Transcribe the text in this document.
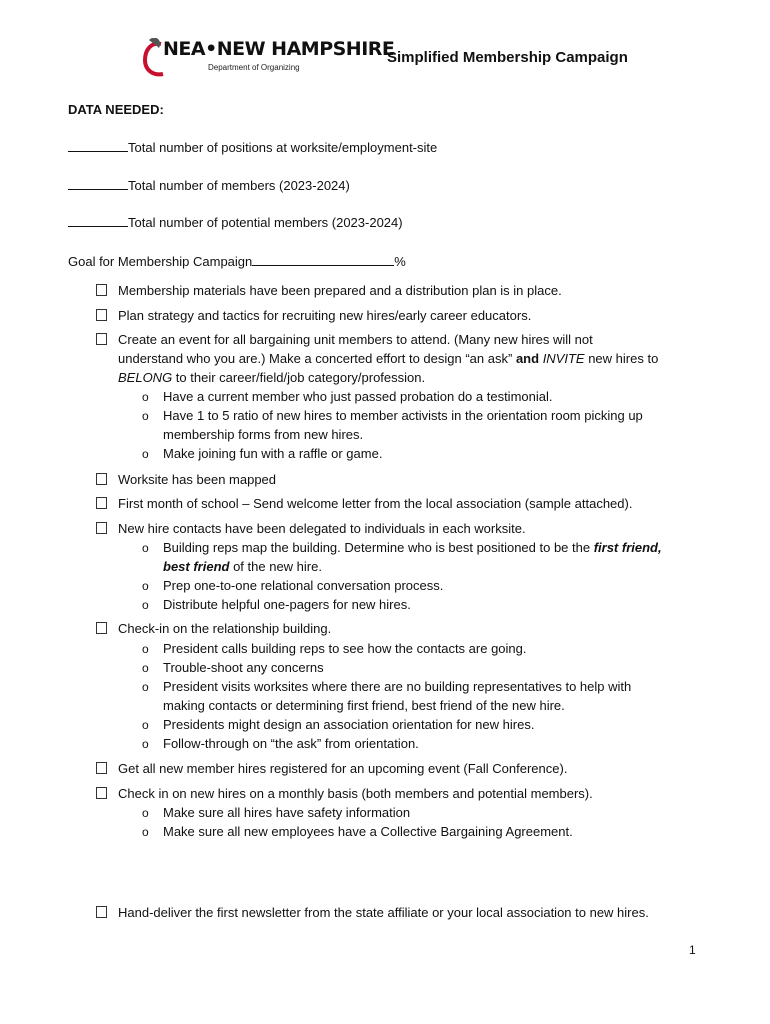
NEA•NEW HAMPSHIRE
Department of Organizing
Simplified Membership Campaign
DATA NEEDED:
Total number of positions at worksite/employment-site
Total number of members (2023-2024)
Total number of potential members (2023-2024)
Goal for Membership Campaign	%
Membership materials have been prepared and a distribution plan is in place.
Plan strategy and tactics for recruiting new hires/early career educators.
Create an event for all bargaining unit members to attend. (Many new hires will not
understand who you are.) Make a concerted effort to design “an ask” and INVITE new hires to
BELONG to their career/field/job category/profession.
o Have a current member who just passed probation do a testimonial.
o Have 1 to 5 ratio of new hires to member activists in the orientation room picking up
membership forms from new hires.
o Make joining fun with a raffle or game.
Worksite has been mapped
First month of school – Send welcome letter from the local association (sample attached).
New hire contacts have been delegated to individuals in each worksite.
o Building reps map the building. Determine who is best positioned to be the first friend,
best friend of the new hire.
o Prep one-to-one relational conversation process.
o Distribute helpful one-pagers for new hires.
Check-in on the relationship building.
o President calls building reps to see how the contacts are going.
o Trouble-shoot any concerns
o President visits worksites where there are no building representatives to help with
making contacts or determining first friend, best friend of the new hire.
o Presidents might design an association orientation for new hires.
o Follow-through on “the ask” from orientation.
Get all new member hires registered for an upcoming event (Fall Conference).
Check in on new hires on a monthly basis (both members and potential members).
o Make sure all hires have safety information
o Make sure all new employees have a Collective Bargaining Agreement.
Hand-deliver the first newsletter from the state affiliate or your local association to new hires.
1
